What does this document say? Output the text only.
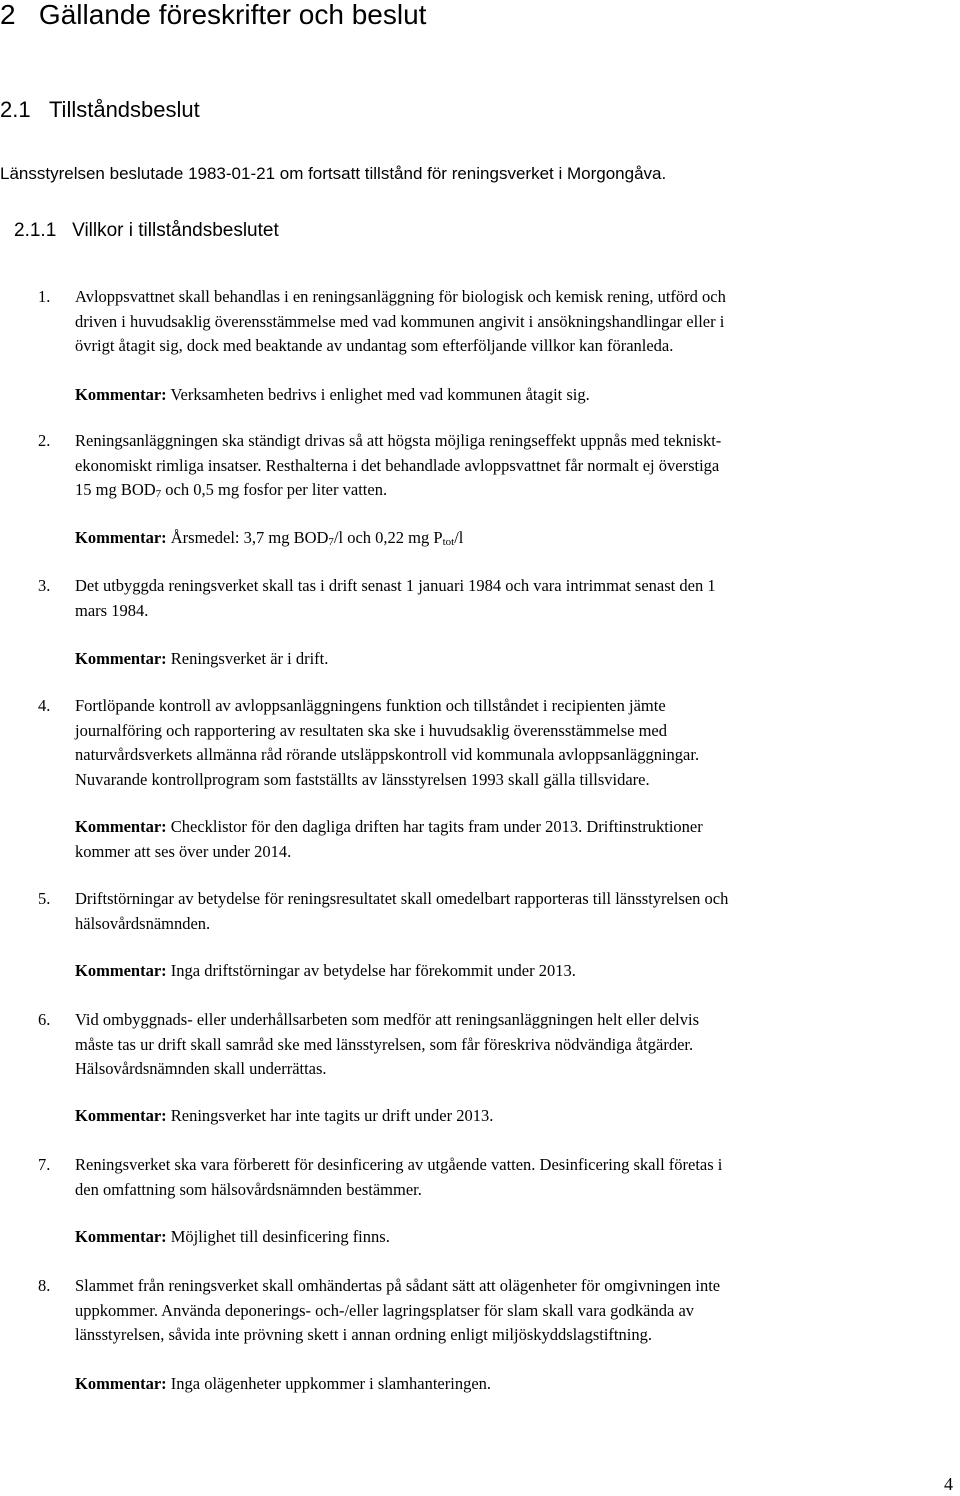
2 Gällande föreskrifter och beslut
2.1 Tillståndsbeslut
Länsstyrelsen beslutade 1983-01-21 om fortsatt tillstånd för reningsverket i Morgongåva.
2.1.1 Villkor i tillståndsbeslutet
1. Avloppsvattnet skall behandlas i en reningsanläggning för biologisk och kemisk rening, utförd och
driven i huvudsaklig överensstämmelse med vad kommunen angivit i ansökningshandlingar eller i
övrigt åtagit sig, dock med beaktande av undantag som efterföljande villkor kan föranleda.
Kommentar: Verksamheten bedrivs i enlighet med vad kommunen åtagit sig.
2. Reningsanläggningen ska ständigt drivas så att högsta möjliga reningseffekt uppnås med tekniskt-
ekonomiskt rimliga insatser. Resthalterna i det behandlade avloppsvattnet får normalt ej överstiga
15 mg $BOD_7$ och 0,5 mg fosfor per liter vatten.
Kommentar: Årsmedel: 3,7 mg $BOD_7/l$ och 0,22 mg $P_{tot}/l$
3. Det utbyggda reningsverket skall tas i drift senast 1 januari 1984 och vara intrimmat senast den 1
mars 1984.
Kommentar: Reningsverket är i drift.
4. Fortlöpande kontroll av avloppsanläggningens funktion och tillståndet i recipienten jämte
journalföring och rapportering av resultaten ska ske i huvudsaklig överensstämmelse med
naturvårdsverkets allmänna råd rörande utsläppskontroll vid kommunala avloppsanläggningar.
Nuvarande kontrollprogram som fastställts av länsstyrelsen 1993 skall gälla tillsvidare.
Kommentar: Checklistor för den dagliga driften har tagits fram under 2013. Driftinstruktioner
kommer att ses över under 2014.
5. Driftstörningar av betydelse för reningsresultatet skall omedelbart rapporteras till länsstyrelsen och
hälsovårdsnämnden.
Kommentar: Inga driftstörningar av betydelse har förekommit under 2013.
6. Vid ombyggnads- eller underhållsarbeten som medför att reningsanläggningen helt eller delvis
måste tas ur drift skall samråd ske med länsstyrelsen, som får föreskriva nödvändiga åtgärder.
Hälsovårdsnämnden skall underrättas.
Kommentar: Reningsverket har inte tagits ur drift under 2013.
7. Reningsverket ska vara förberett för desinficering av utgående vatten. Desinficering skall företas i
den omfattning som hälsovårdsnämnden bestämmer.
Kommentar: Möjlighet till desinficering finns.
8. Slammet från reningsverket skall omhändertas på sådant sätt att olägenheter för omgivningen inte
uppkommer. Använda deponerings- och-/eller lagringsplatser för slam skall vara godkända av
länsstyrelsen, såvida inte prövning skett i annan ordning enligt miljöskyddslagstiftning.
Kommentar: Inga olägenheter uppkommer i slamhanteringen.
4
